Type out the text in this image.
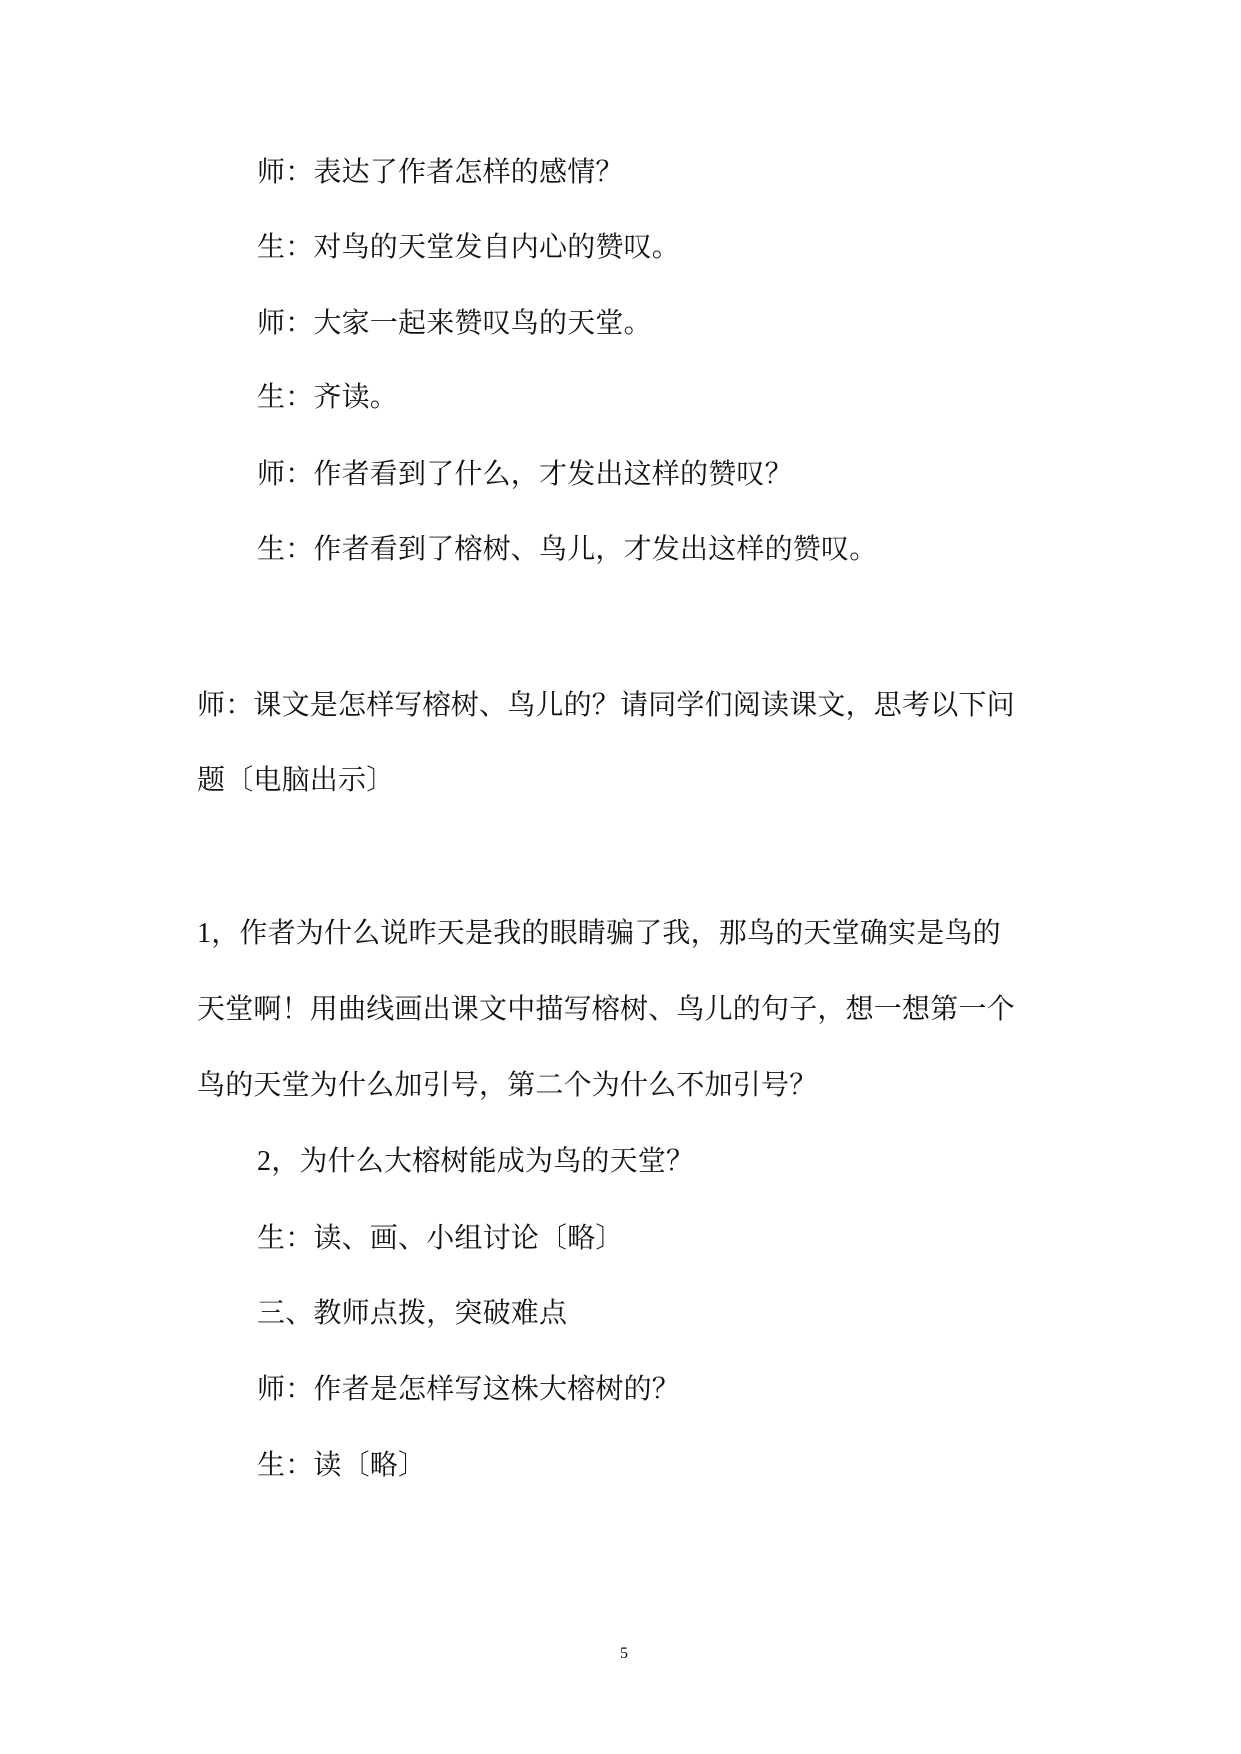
师：表达了作者怎样的感情？
生：对鸟的天堂发自内心的赞叹。
师：大家一起来赞叹鸟的天堂。
生：齐读。
师：作者看到了什么，才发出这样的赞叹？
生：作者看到了榕树、鸟儿，才发出这样的赞叹。
师：课文是怎样写榕树、鸟儿的？请同学们阅读课文，思考以下问
题〔电脑出示〕
1，作者为什么说昨天是我的眼睛骗了我，那鸟的天堂确实是鸟的
天堂啊！用曲线画出课文中描写榕树、鸟儿的句子，想一想第一个
鸟的天堂为什么加引号，第二个为什么不加引号？
2，为什么大榕树能成为鸟的天堂？
生：读、画、小组讨论〔略〕
三、教师点拨，突破难点
师：作者是怎样写这株大榕树的？
生：读〔略〕
5
